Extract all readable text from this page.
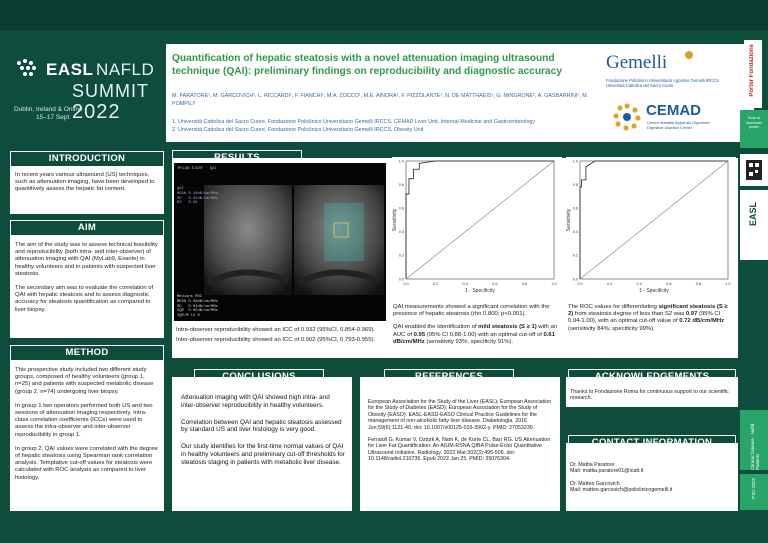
EASL NAFLD
SUMMIT
2022
Dublin, Ireland & Online
15–17 Sept
Quantification of hepatic steatosis with a novel attenuation imaging ultrasound technique (QAI): preliminary findings on reproducibility and diagnostic accuracy
M. PARATORE¹, M. GARCOVICH¹, L. RICCARDI¹, F. FIANCHI¹, M.A. ZOCCO¹, M.E. AINORA¹, F. PIZZOLANTE¹, N. DE MATTHAEIS¹, G. MINGRONE², A. GASBARRINI¹, M. POMPILI¹
1. Università Cattolica del Sacro Cuore, Fondazione Policlinico Universitario Gemelli IRCCS, CEMAD Liver Unit, Internal Medicine and Gastroenterology
2. Università Cattolica del Sacro Cuore, Fondazione Policlinico Universitario Gemelli IRCCS, Obesity Unit
Gemelli
Fondazione Policlinico Universitario Agostino Gemelli IRCCS
Università Cattolica del Sacro Cuore
CEMAD
Centro Malattie Apparato Digerente
Digestive Disease Center
Porter Fondazione
Scan to download poster
EASL
Clinical Science · Nafld Patients
PSC-2022
INTRODUCTION
In recent years various ultrasound (US) techniques, such as attenuation imaging, have been developed to quantitively assess the hepatic fat content.
AIM

The aim of the study was to assess technical feasibility and reproducibility (both intra- and inter-observer) of attenuation imaging with QAI (MyLab9, Esaote) in healthy volunteers and in patients with suspected liver steatosis.

The secondary aim was to evaluate the correlation of QAI with hepatic steatosis and to assess diagnostic accuracy for steatosis quantification as compared to liver biopsy.

METHOD

This prospective study included two different study groups, composed of healthy volunteers (group 1, n=25) and patients with suspected metabolic disease (group 2, n=74) undergoing liver biopsy.

In group 1 two operators performed both US and two sessions of attenuation imaging respectively. Intra-class correlation coefficients (ICCs) were used to assess the intra-observer and inter-observer reproducibility in group 1.

In group 2, QAI values were correlated with the degree of hepatic steatosis using Spearman rank correlation analysis. Temptative cut-off values for steatosis were calculated with ROC analysis as compared to liver histology.

MYLAB EIGHT · QAI
QAI
MEAN 0.40dB/cm/MHz
SD   0.04dB/cm/MHz
R2   0.99
Medians ROI
MEAN 0.38dB/cm/MHz
SD   0.04dB/cm/MHz
IQR  0.05dB/cm/MHz
IQR/M 12 %
Intra-observer reproducibility showed an ICC of 0.932 (95%CI, 0.854-0.969).
Inter-observer reproducibility showed an ICC of 0.902 (95%CI, 0.793-0.955).
0.0
0.0
0.2
0.2
0.4
0.4
0.6
0.6
0.8
0.8
1.0
1.0
1 - Specificity
Sensitivity
0.0
0.0
0.2
0.2
0.4
0.4
0.6
0.6
0.8
0.8
1.0
1.0
1 - Specificity
Sensitivity

QAI measurements showed a significant correlation with the presence of hepatic steatosis (rho 0.800; p<0.001).

QAI enabled the identification of mild steatosis (S ≥ 1) with an AUC of 0.95 (95% CI 0.88-1.00) with an optimal cut-off of 0.61 dB/cm/MHz (sensitivity 93%; specificity 91%).

The ROC values for differentiating significant steatosis (S ≥ 2) from steatosis degree of less than S2 was 0.97 (95% CI 0.94-1.00), with an optimal cut-off value of 0.72 dB/cm/MHz (sensitivity 84%; specificity 99%).

Attenuation imaging with QAI showed high intra- and inter-observer reproducibility in healthy volunteers.

Correlation between QAI and hepatic steatosis assessed by standard US and liver histology is very good.

Our study identifies for the first-time normal values of QAI in healthy volunteers and preliminary cut-off thresholds for steatosis staging in patients with metabolic liver disease.

European Association for the Study of the Liver (EASL); European Association for the Study of Diabetes (EASD); European Association for the Study of Obesity (EASO). EASL-EASD-EASO Clinical Practice Guidelines for the management of non-alcoholic fatty liver disease. Diabetologia. 2016 Jun;59(6):1121-40. doi: 10.1007/s00125-016-3902-y. PMID: 27053230.

Ferraioli G, Kumar V, Ozturk A, Nam K, de Korte CL, Barr RG. US Attenuation for Liver Fat Quantification: An AIUM-RSNA QIBA Pulse-Echo Quantitative Ultrasound Initiative. Radiology. 2022 Mar;302(3):495-506. doi: 10.1148/radiol.210736. Epub 2022 Jan 25. PMID: 35076304.

Thanks to Fondazione Roma for continuous support to our scientific research.
Dr. Mattia Paratore
Mail: mattia.paratore01@icatt.it
Dr. Matteo Garcovich
Mail: matteo.garcovich@policlinicogemelli.it
